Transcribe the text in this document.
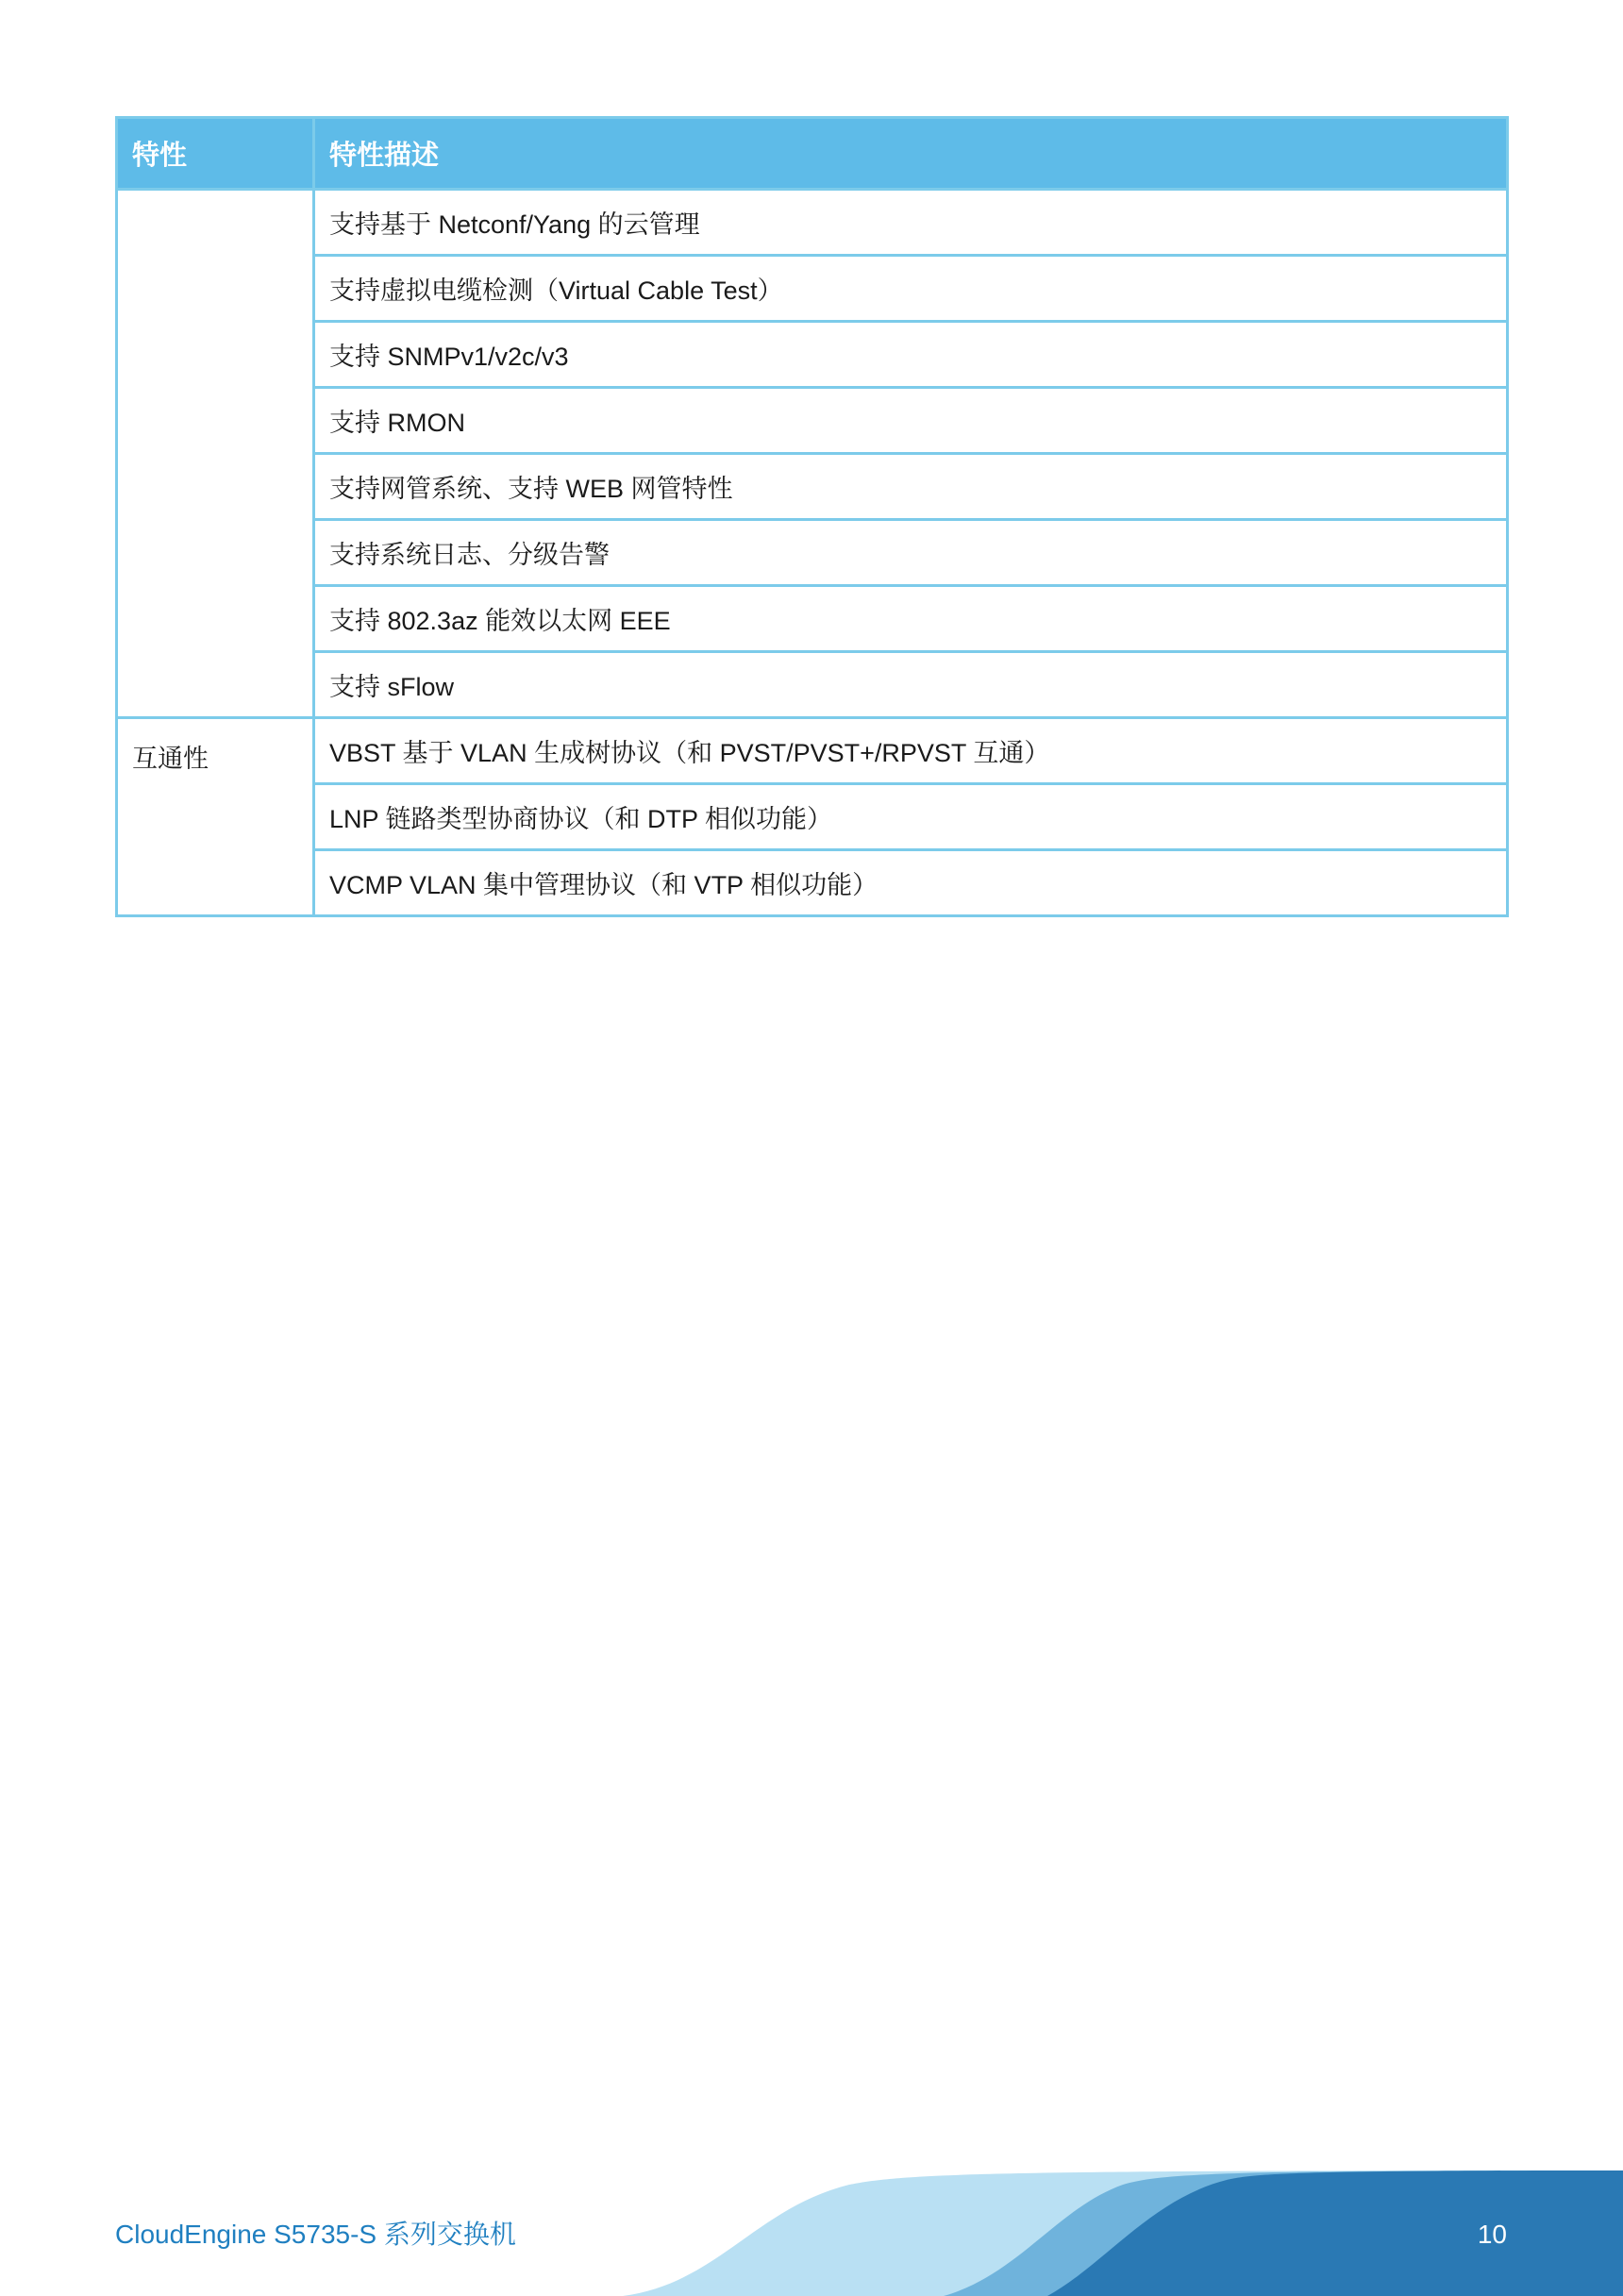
特性	特性描述
	支持基于 Netconf/Yang 的云管理
	支持虚拟电缆检测（Virtual Cable Test）
	支持 SNMPv1/v2c/v3
	支持 RMON
	支持网管系统、支持 WEB 网管特性
	支持系统日志、分级告警
	支持 802.3az 能效以太网 EEE
	支持 sFlow
互通性	VBST 基于 VLAN 生成树协议（和 PVST/PVST+/RPVST 互通）
	LNP 链路类型协商协议（和 DTP 相似功能）
	VCMP VLAN 集中管理协议（和 VTP 相似功能）
CloudEngine S5735-S 系列交换机	10
